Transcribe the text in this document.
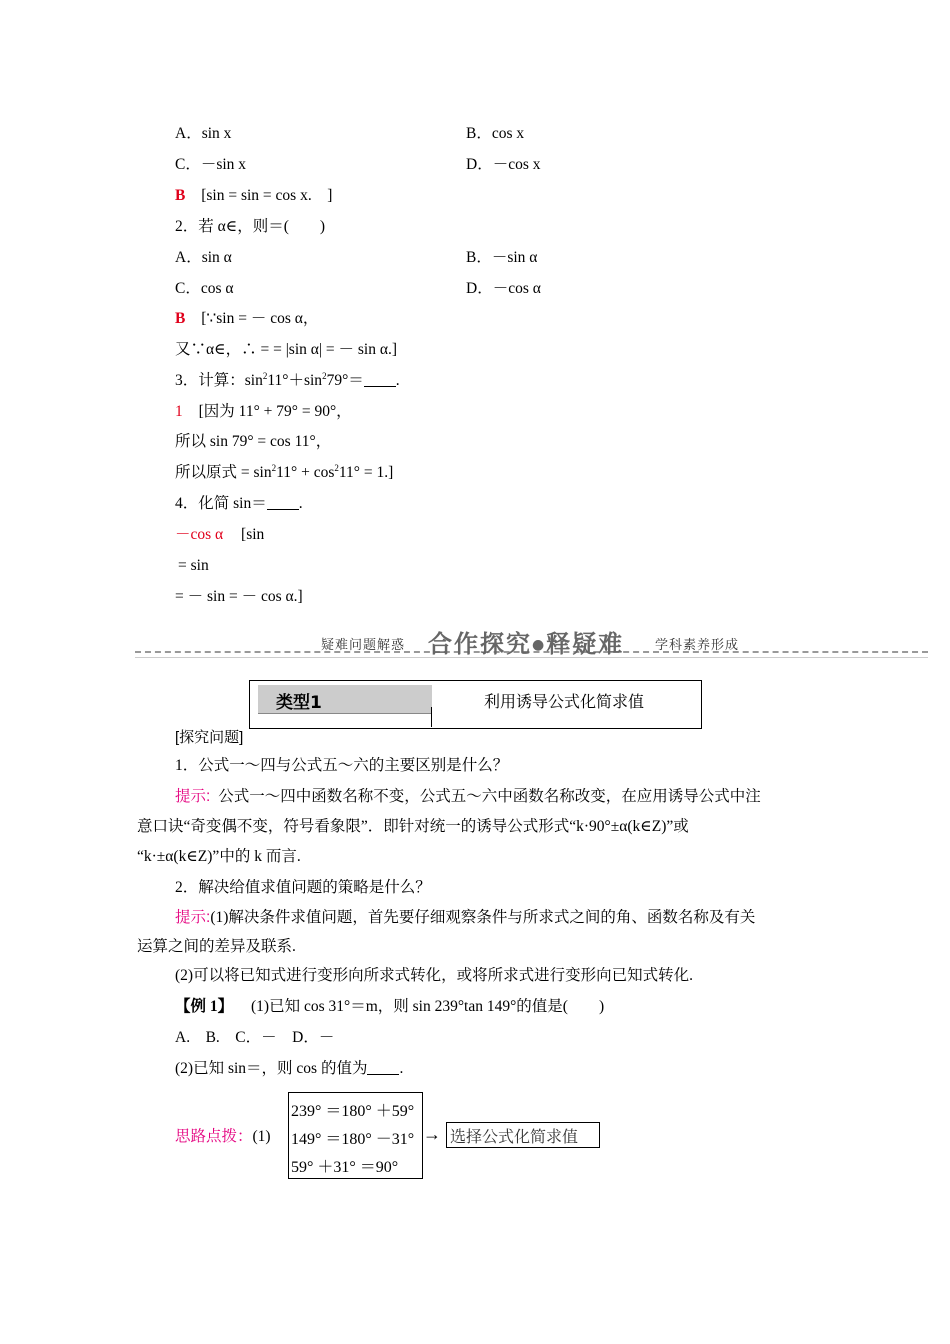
A．sin x	B．cos x
C．－sin x	D．－cos x
B [sin = sin = cos x.　]
2．若 α∈，则＝(　　)
A．sin α	B．－sin α
C．cos α	D．－cos α
B [∵sin = － cos α，
又∵α∈，∴ = = |sin α| = － sin α.]
3．计算：$\sin^211^\circ+\sin^279^\circ=$ .
1 [因为 11° + 79° = 90°，
所以 sin 79° = cos 11°，
所以原式 = $\sin^211^\circ + \cos^211^\circ = 1$.]
4．化简 sin＝ .
－cos α [sin
= sin
= － sin = － cos α.]
疑难问题解惑 合作探究●释疑难 学科素养形成
类型1	利用诱导公式化简求值
[探究问题]
1．公式一～四与公式五～六的主要区别是什么？
提示: 公式一～四中函数名称不变，公式五～六中函数名称改变，在应用诱导公式中注
意口诀“奇变偶不变，符号看象限”．即针对统一的诱导公式形式“k·90°±α(k∈Z)”或
“k·±α(k∈Z)”中的 k 而言.
2．解决给值求值问题的策略是什么？
提示:(1)解决条件求值问题，首先要仔细观察条件与所求式之间的角、函数名称及有关
运算之间的差异及联系.
(2)可以将已知式进行变形向所求式转化，或将所求式进行变形向已知式转化.
【例 1】 (1)已知 cos 31°＝m，则 sin 239°tan 149°的值是(　　)
A.　B.　C．－　D．－
(2)已知 sin＝，则 cos 的值为 .
思路点拨：(1)
239° ＝180° ＋59°
149° ＝180° －31°
59° ＋31° ＝90°
→ 选择公式化简求值
